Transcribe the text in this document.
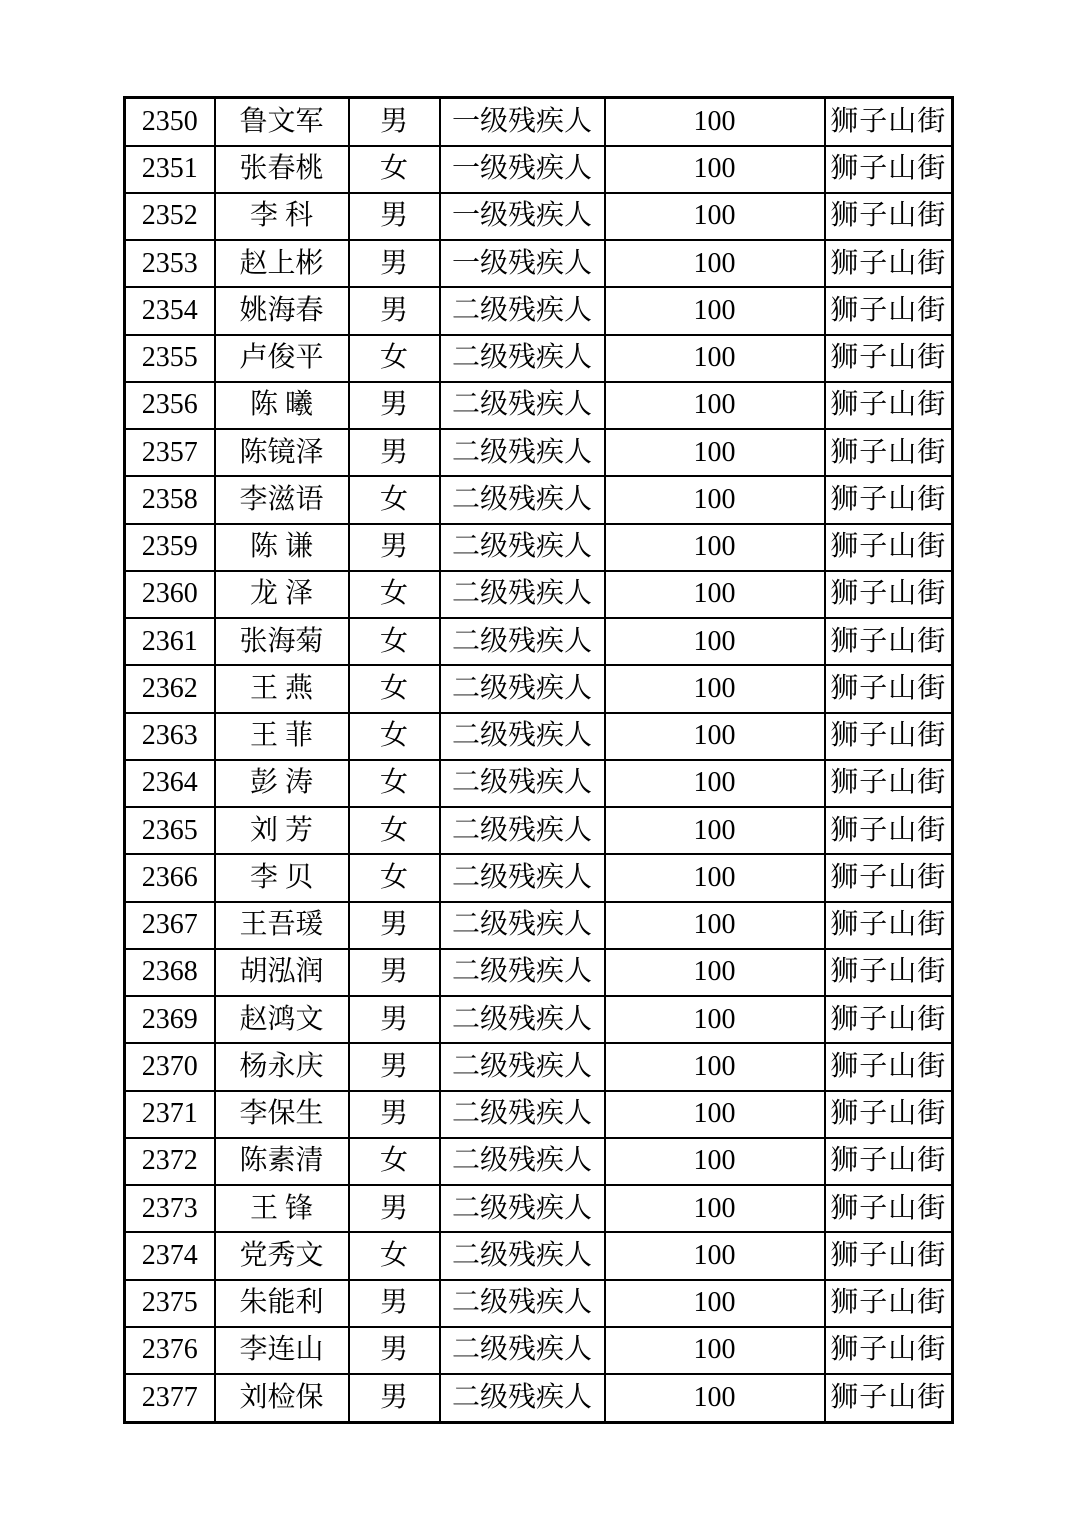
2350	鲁文军	男	一级残疾人	100	狮子山街
2351	张春桃	女	一级残疾人	100	狮子山街
2352	李 科	男	一级残疾人	100	狮子山街
2353	赵上彬	男	一级残疾人	100	狮子山街
2354	姚海春	男	二级残疾人	100	狮子山街
2355	卢俊平	女	二级残疾人	100	狮子山街
2356	陈 曦	男	二级残疾人	100	狮子山街
2357	陈镜泽	男	二级残疾人	100	狮子山街
2358	李滋语	女	二级残疾人	100	狮子山街
2359	陈 谦	男	二级残疾人	100	狮子山街
2360	龙 泽	女	二级残疾人	100	狮子山街
2361	张海菊	女	二级残疾人	100	狮子山街
2362	王 燕	女	二级残疾人	100	狮子山街
2363	王 菲	女	二级残疾人	100	狮子山街
2364	彭 涛	女	二级残疾人	100	狮子山街
2365	刘 芳	女	二级残疾人	100	狮子山街
2366	李 贝	女	二级残疾人	100	狮子山街
2367	王吾瑗	男	二级残疾人	100	狮子山街
2368	胡泓润	男	二级残疾人	100	狮子山街
2369	赵鸿文	男	二级残疾人	100	狮子山街
2370	杨永庆	男	二级残疾人	100	狮子山街
2371	李保生	男	二级残疾人	100	狮子山街
2372	陈素清	女	二级残疾人	100	狮子山街
2373	王 锋	男	二级残疾人	100	狮子山街
2374	党秀文	女	二级残疾人	100	狮子山街
2375	朱能利	男	二级残疾人	100	狮子山街
2376	李连山	男	二级残疾人	100	狮子山街
2377	刘检保	男	二级残疾人	100	狮子山街
